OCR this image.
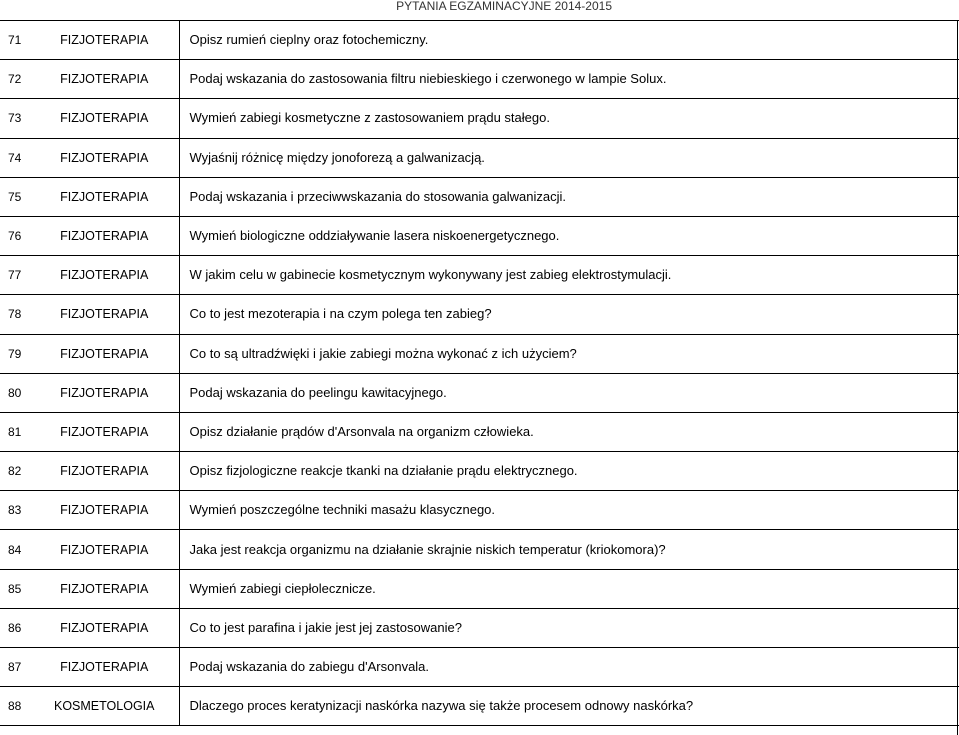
PYTANIA EGZAMINACYJNE 2014-2015
71	FIZJOTERAPIA	Opisz rumień cieplny oraz fotochemiczny.
72	FIZJOTERAPIA	Podaj wskazania do zastosowania filtru niebieskiego i czerwonego w lampie Solux.
73	FIZJOTERAPIA	Wymień zabiegi kosmetyczne z zastosowaniem prądu stałego.
74	FIZJOTERAPIA	Wyjaśnij różnicę między jonoforezą a galwanizacją.
75	FIZJOTERAPIA	Podaj wskazania i przeciwwskazania do stosowania galwanizacji.
76	FIZJOTERAPIA	Wymień biologiczne oddziaływanie lasera niskoenergetycznego.
77	FIZJOTERAPIA	W jakim celu w gabinecie kosmetycznym wykonywany jest zabieg elektrostymulacji.
78	FIZJOTERAPIA	Co to jest mezoterapia i na czym polega ten zabieg?
79	FIZJOTERAPIA	Co to są ultradźwięki i jakie zabiegi można wykonać z ich użyciem?
80	FIZJOTERAPIA	Podaj wskazania do peelingu kawitacyjnego.
81	FIZJOTERAPIA	Opisz działanie prądów d'Arsonvala na organizm człowieka.
82	FIZJOTERAPIA	Opisz fizjologiczne reakcje tkanki na działanie prądu elektrycznego.
83	FIZJOTERAPIA	Wymień poszczególne techniki masażu klasycznego.
84	FIZJOTERAPIA	Jaka jest reakcja organizmu na działanie skrajnie niskich temperatur (kriokomora)?
85	FIZJOTERAPIA	Wymień zabiegi ciepłolecznicze.
86	FIZJOTERAPIA	Co to jest parafina i jakie jest jej zastosowanie?
87	FIZJOTERAPIA	Podaj wskazania do zabiegu d'Arsonvala.
88	KOSMETOLOGIA	Dlaczego proces keratynizacji naskórka nazywa się także procesem odnowy naskórka?
